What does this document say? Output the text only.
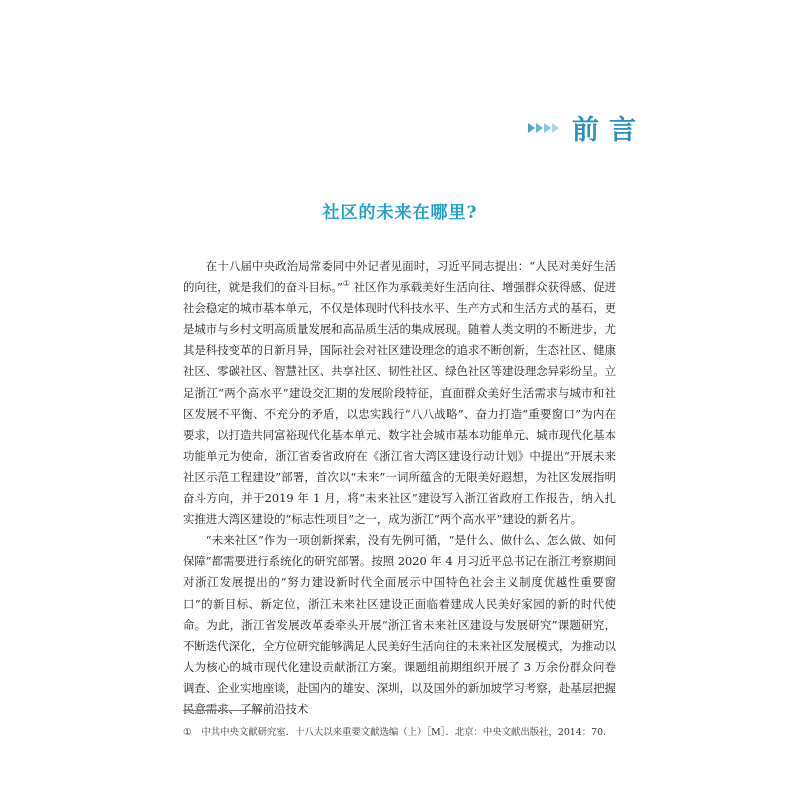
前言
社区的未来在哪里?

在十八届中央政治局常委同中外记者见面时，习近平同志提出：“人民对美好生活的向往，就是我们的奋斗目标。”① 社区作为承载美好生活向往、增强群众获得感、促进社会稳定的城市基本单元，不仅是体现时代科技水平、生产方式和生活方式的基石，更是城市与乡村文明高质量发展和高品质生活的集成展现。随着人类文明的不断进步，尤其是科技变革的日新月异，国际社会对社区建设理念的追求不断创新，生态社区、健康社区、零碳社区、智慧社区、共享社区、韧性社区、绿色社区等建设理念异彩纷呈。立足浙江“两个高水平”建设交汇期的发展阶段特征，直面群众美好生活需求与城市和社区发展不平衡、不充分的矛盾，以忠实践行“八八战略”、奋力打造“重要窗口”为内在要求，以打造共同富裕现代化基本单元、数字社会城市基本功能单元、城市现代化基本功能单元为使命，浙江省委省政府在《浙江省大湾区建设行动计划》中提出“开展未来社区示范工程建设”部署，首次以“未来”一词所蕴含的无限美好遐想，为社区发展指明奋斗方向，并于2019 年 1 月，将“未来社区”建设写入浙江省政府工作报告，纳入扎实推进大湾区建设的“标志性项目”之一，成为浙江“两个高水平”建设的新名片。

“未来社区”作为一项创新探索，没有先例可循，“是什么、做什么、怎么做、如何保障”都需要进行系统化的研究部署。按照 2020 年 4 月习近平总书记在浙江考察期间对浙江发展提出的“努力建设新时代全面展示中国特色社会主义制度优越性重要窗口”的新目标、新定位，浙江未来社区建设正面临着建成人民美好家园的新的时代使命。为此，浙江省发展改革委牵头开展“浙江省未来社区建设与发展研究”课题研究，不断迭代深化，全方位研究能够满足人民美好生活向往的未来社区发展模式，为推动以人为核心的城市现代化建设贡献浙江方案。课题组前期组织开展了 3 万余份群众问卷调查、企业实地座谈，赴国内的雄安、深圳，以及国外的新加坡学习考察，赴基层把握民意需求、了解前沿技术

① 中共中央文献研究室．十八大以来重要文献选编（上）［M］．北京：中央文献出版社，2014：70.
